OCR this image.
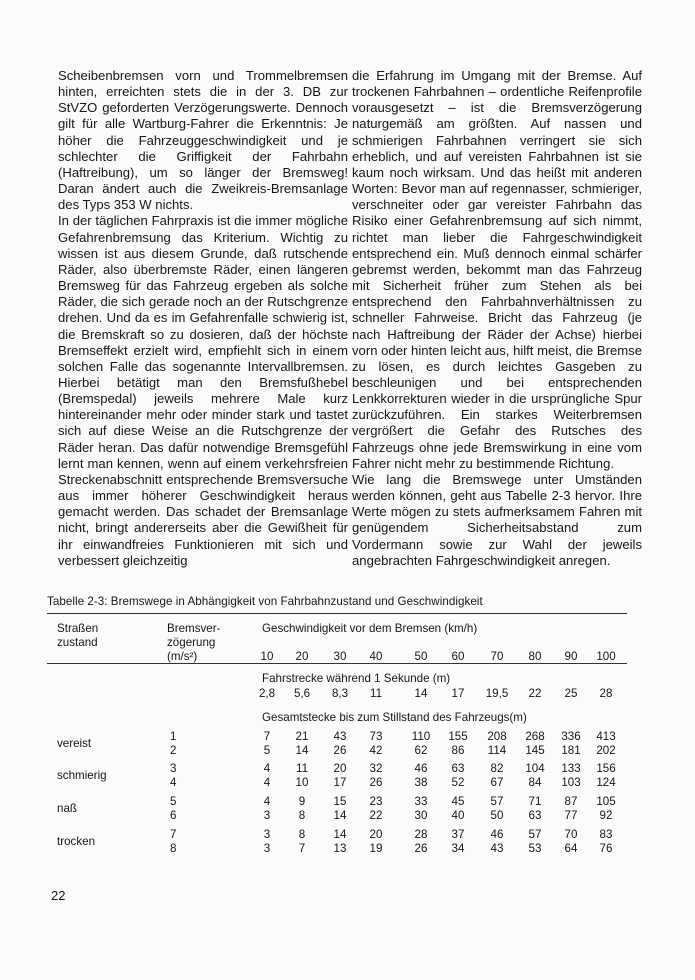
Scheibenbremsen vorn und Trommelbremsen hinten, erreichten stets die in der 3. DB zur StVZO geforderten Verzögerungswerte. Dennoch gilt für alle Wartburg-Fahrer die Erkenntnis: Je höher die Fahrzeuggeschwindigkeit und je schlechter die Griffigkeit der Fahrbahn (Haftreibung), um so länger der Bremsweg! Daran ändert auch die Zweikreis-Bremsanlage des Typs 353 W nichts.

In der täglichen Fahrpraxis ist die immer mögliche Gefahrenbremsung das Kriterium. Wichtig zu wissen ist aus diesem Grunde, daß rutschende Räder, also überbremste Räder, einen längeren Bremsweg für das Fahrzeug ergeben als solche Räder, die sich gerade noch an der Rutschgrenze drehen. Und da es im Gefahrenfalle schwierig ist, die Bremskraft so zu dosieren, daß der höchste Bremseffekt erzielt wird, empfiehlt sich in einem solchen Falle das sogenannte Intervallbremsen. Hierbei betätigt man den Bremsfußhebel (Bremspedal) jeweils mehrere Male kurz hintereinander mehr oder minder stark und tastet sich auf diese Weise an die Rutschgrenze der Räder heran. Das dafür notwendige Bremsgefühl lernt man kennen, wenn auf einem verkehrsfreien Streckenabschnitt entsprechende Bremsversuche aus immer höherer Geschwindigkeit heraus gemacht werden. Das schadet der Bremsanlage nicht, bringt andererseits aber die Gewißheit für ihr einwandfreies Funktionieren mit sich und verbessert gleichzeitig

die Erfahrung im Umgang mit der Bremse. Auf trockenen Fahrbahnen – ordentliche Reifenprofile vorausgesetzt – ist die Bremsverzögerung naturgemäß am größten. Auf nassen und schmierigen Fahrbahnen verringert sie sich erheblich, und auf vereisten Fahrbahnen ist sie kaum noch wirksam. Und das heißt mit anderen Worten: Bevor man auf regennasser, schmieriger, verschneiter oder gar vereister Fahrbahn das Risiko einer Gefahrenbremsung auf sich nimmt, richtet man lieber die Fahrgeschwindigkeit entsprechend ein. Muß dennoch einmal schärfer gebremst werden, bekommt man das Fahrzeug mit Sicherheit früher zum Stehen als bei entsprechend den Fahrbahnverhältnissen zu schneller Fahrweise. Bricht das Fahrzeug (je nach Haftreibung der Räder der Achse) hierbei vorn oder hinten leicht aus, hilft meist, die Bremse zu lösen, es durch leichtes Gasgeben zu beschleunigen und bei entsprechenden Lenkkorrekturen wieder in die ursprüngliche Spur zurückzuführen. Ein starkes Weiterbremsen vergrößert die Gefahr des Rutsches des Fahrzeugs ohne jede Bremswirkung in eine vom Fahrer nicht mehr zu bestimmende Richtung.

Wie lang die Bremswege unter Umständen werden können, geht aus Tabelle 2-3 hervor. Ihre Werte mögen zu stets aufmerksamem Fahren mit genügendem Sicherheitsabstand zum Vordermann sowie zur Wahl der jeweils angebrachten Fahrgeschwindigkeit anregen.

Tabelle 2-3: Bremswege in Abhängigkeit von Fahrbahnzustand und Geschwindigkeit
Straßen
zustand
Bremsver-
zögerung
(m/s²)
Geschwindigkeit vor dem Bremsen (km/h)
Fahrstrecke während 1 Sekunde (m)
Gesamtstecke bis zum Stillstand des Fahrzeugs(m)
10 20 30 40	50 60 70 80 90 100
2,8 5,6 8,3 11	14 17 19,5 22 25 28
vereist
1	7 21 43 73	110 155 208 268 336 413
2	5 14 26 42	62 86 114 145 181 202
schmierig
3	4 11 20 32	46 63 82 104 133 156
4	4 10 17 26	38 52 67 84 103 124
naß
5	4 9 15 23	33 45 57 71 87 105
6	3 8 14 22	30 40 50 63 77 92
trocken
7	3 8 14 20	28 37 46 57 70 83
8	3 7 13 19	26 34 43 53 64 76
22
